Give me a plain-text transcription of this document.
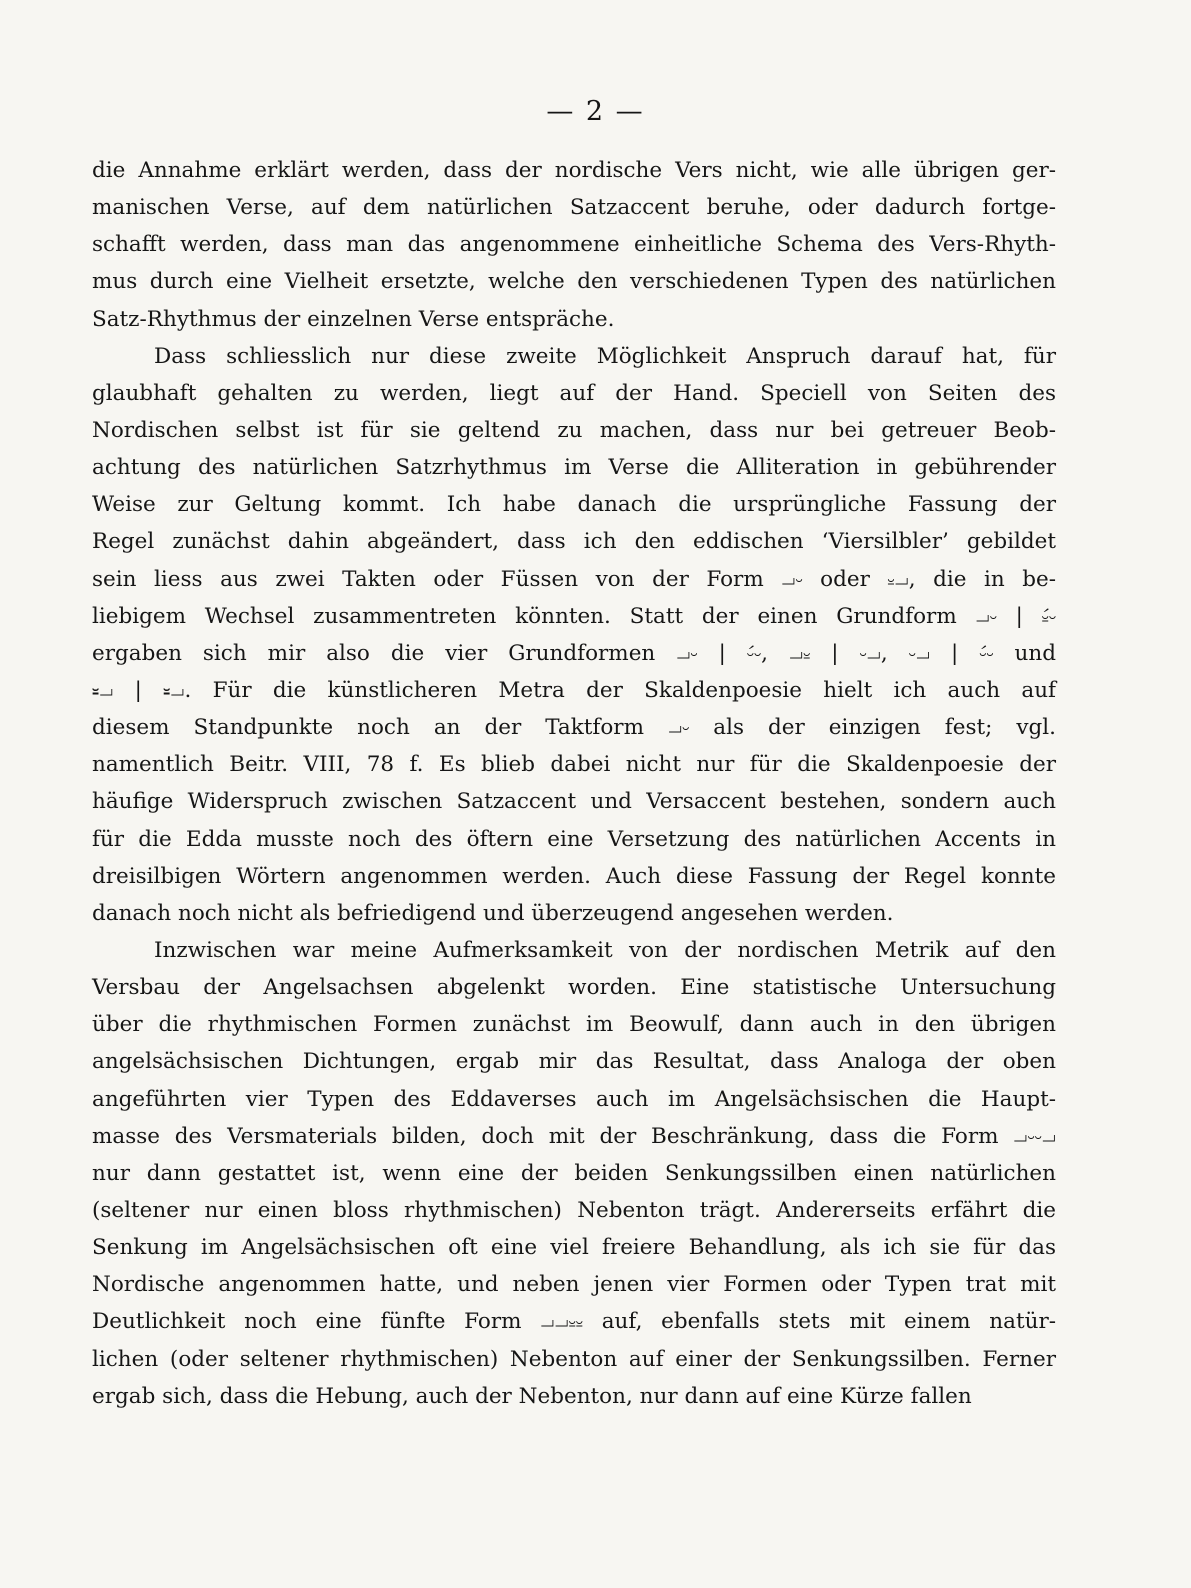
— 2 —
die Annahme erklärt werden, dass der nordische Vers nicht, wie alle übrigen ger-
manischen Verse, auf dem natürlichen Satzaccent beruhe, oder dadurch fortge-
schafft werden, dass man das angenommene einheitliche Schema des Vers-Rhyth-
mus durch eine Vielheit ersetzte, welche den verschiedenen Typen des natürlichen
Satz-Rhythmus der einzelnen Verse entspräche.
Dass schliesslich nur diese zweite Möglichkeit Anspruch darauf hat, für
glaubhaft gehalten zu werden, liegt auf der Hand. Speciell von Seiten des
Nordischen selbst ist für sie geltend zu machen, dass nur bei getreuer Beob-
achtung des natürlichen Satzrhythmus im Verse die Alliteration in gebührender
Weise zur Geltung kommt. Ich habe danach die ursprüngliche Fassung der
Regel zunächst dahin abgeändert, dass ich den eddischen ‘Viersilbler’ gebildet
sein liess aus zwei Takten oder Füssen von der Form ⏗⏑ oder ⏓⏗, die in be-
liebigem Wechsel zusammentreten könnten. Statt der einen Grundform ⏗⏑ | ⏓́⏑
ergaben sich mir also die vier Grundformen ⏗⏑ | ⏑́⏑, ⏗⏓ | ⏑⏗, ⏑⏗ | ⏑́⏑ und
⏓⏗ | ⏓⏗. Für die künstlicheren Metra der Skaldenpoesie hielt ich auch auf
diesem Standpunkte noch an der Taktform ⏗⏑ als der einzigen fest; vgl.
namentlich Beitr. VIII, 78 f. Es blieb dabei nicht nur für die Skaldenpoesie der
häufige Widerspruch zwischen Satzaccent und Versaccent bestehen, sondern auch
für die Edda musste noch des öftern eine Versetzung des natürlichen Accents in
dreisilbigen Wörtern angenommen werden. Auch diese Fassung der Regel konnte
danach noch nicht als befriedigend und überzeugend angesehen werden.
Inzwischen war meine Aufmerksamkeit von der nordischen Metrik auf den
Versbau der Angelsachsen abgelenkt worden. Eine statistische Untersuchung
über die rhythmischen Formen zunächst im Beowulf, dann auch in den übrigen
angelsächsischen Dichtungen, ergab mir das Resultat, dass Analoga der oben
angeführten vier Typen des Eddaverses auch im Angelsächsischen die Haupt-
masse des Versmaterials bilden, doch mit der Beschränkung, dass die Form ⏗⏑⏑⏗
nur dann gestattet ist, wenn eine der beiden Senkungssilben einen natürlichen
(seltener nur einen bloss rhythmischen) Nebenton trägt. Andererseits erfährt die
Senkung im Angelsächsischen oft eine viel freiere Behandlung, als ich sie für das
Nordische angenommen hatte, und neben jenen vier Formen oder Typen trat mit
Deutlichkeit noch eine fünfte Form ⏗⏗⏓⏓ auf, ebenfalls stets mit einem natür-
lichen (oder seltener rhythmischen) Nebenton auf einer der Senkungssilben. Ferner
ergab sich, dass die Hebung, auch der Nebenton, nur dann auf eine Kürze fallen
